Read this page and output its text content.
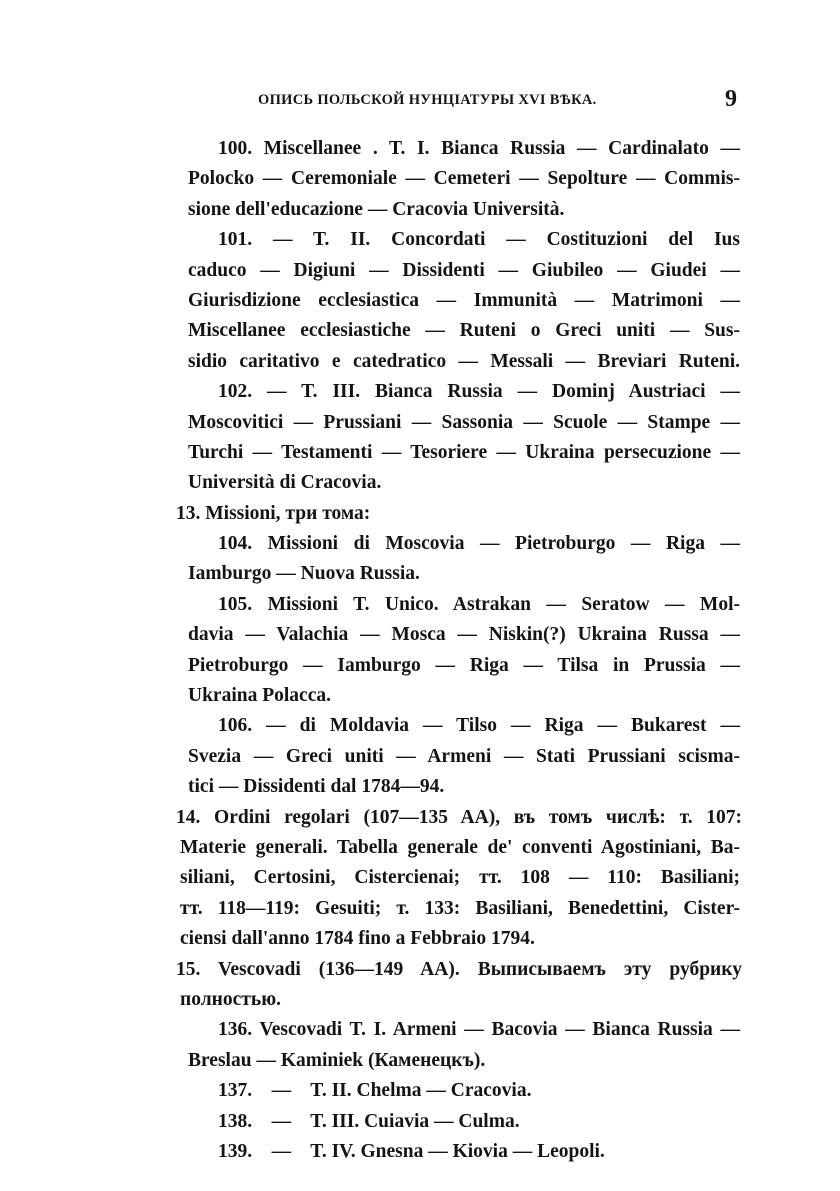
ОПИСЬ ПОЛЬСКОЙ НУНЦІАТУРЫ XVI ВѢКА.	9
100. Miscellanee . T. I. Bianca Russia — Cardinalato —
Polocko — Ceremoniale — Cemeteri — Sepolture — Commis-
sione dell'educazione — Cracovia Università.
101. — T. II. Concordati — Costituzioni del Ius
caduco — Digiuni — Dissidenti — Giubileo — Giudei —
Giurisdizione ecclesiastica — Immunità — Matrimoni —
Miscellanee ecclesiastiche — Ruteni o Greci uniti — Sus-
sidio caritativo e catedratico — Messali — Breviari Ruteni.
102. — T. III. Bianca Russia — Dominj Austriaci —
Moscovitici — Prussiani — Sassonia — Scuole — Stampe —
Turchi — Testamenti — Tesoriere — Ukraina persecuzione —
Università di Cracovia.
13. Missioni, три тома:
104. Missioni di Moscovia — Pietroburgo — Riga —
Iamburgo — Nuova Russia.
105. Missioni T. Unico. Astrakan — Seratow — Mol-
davia — Valachia — Mosca — Niskin(?) Ukraina Russa —
Pietroburgo — Iamburgo — Riga — Tilsa in Prussia —
Ukraina Polacca.
106. — di Moldavia — Tilso — Riga — Bukarest —
Svezia — Greci uniti — Armeni — Stati Prussiani scisma-
tici — Dissidenti dal 1784—94.
14. Ordini regolari (107—135 AA), въ томъ числѣ: т. 107:
Materie generali. Tabella generale de' conventi Agostiniani, Ba-
siliani, Certosini, Cistercienai; тт. 108 — 110: Basiliani;
тт. 118—119: Gesuiti; т. 133: Basiliani, Benedettini, Cister-
ciensi dall'anno 1784 fino a Febbraio 1794.
15. Vescovadi (136—149 AA). Выписываемъ эту рубрику
полностью.
136. Vescovadi T. I. Armeni — Bacovia — Bianca Russia —
Breslau — Kaminiek (Каменецкъ).
137.    —    T. II. Chelma — Cracovia.
138.    —    T. III. Cuiavia — Culma.
139.    —    T. IV. Gnesna — Kiovia — Leopoli.
